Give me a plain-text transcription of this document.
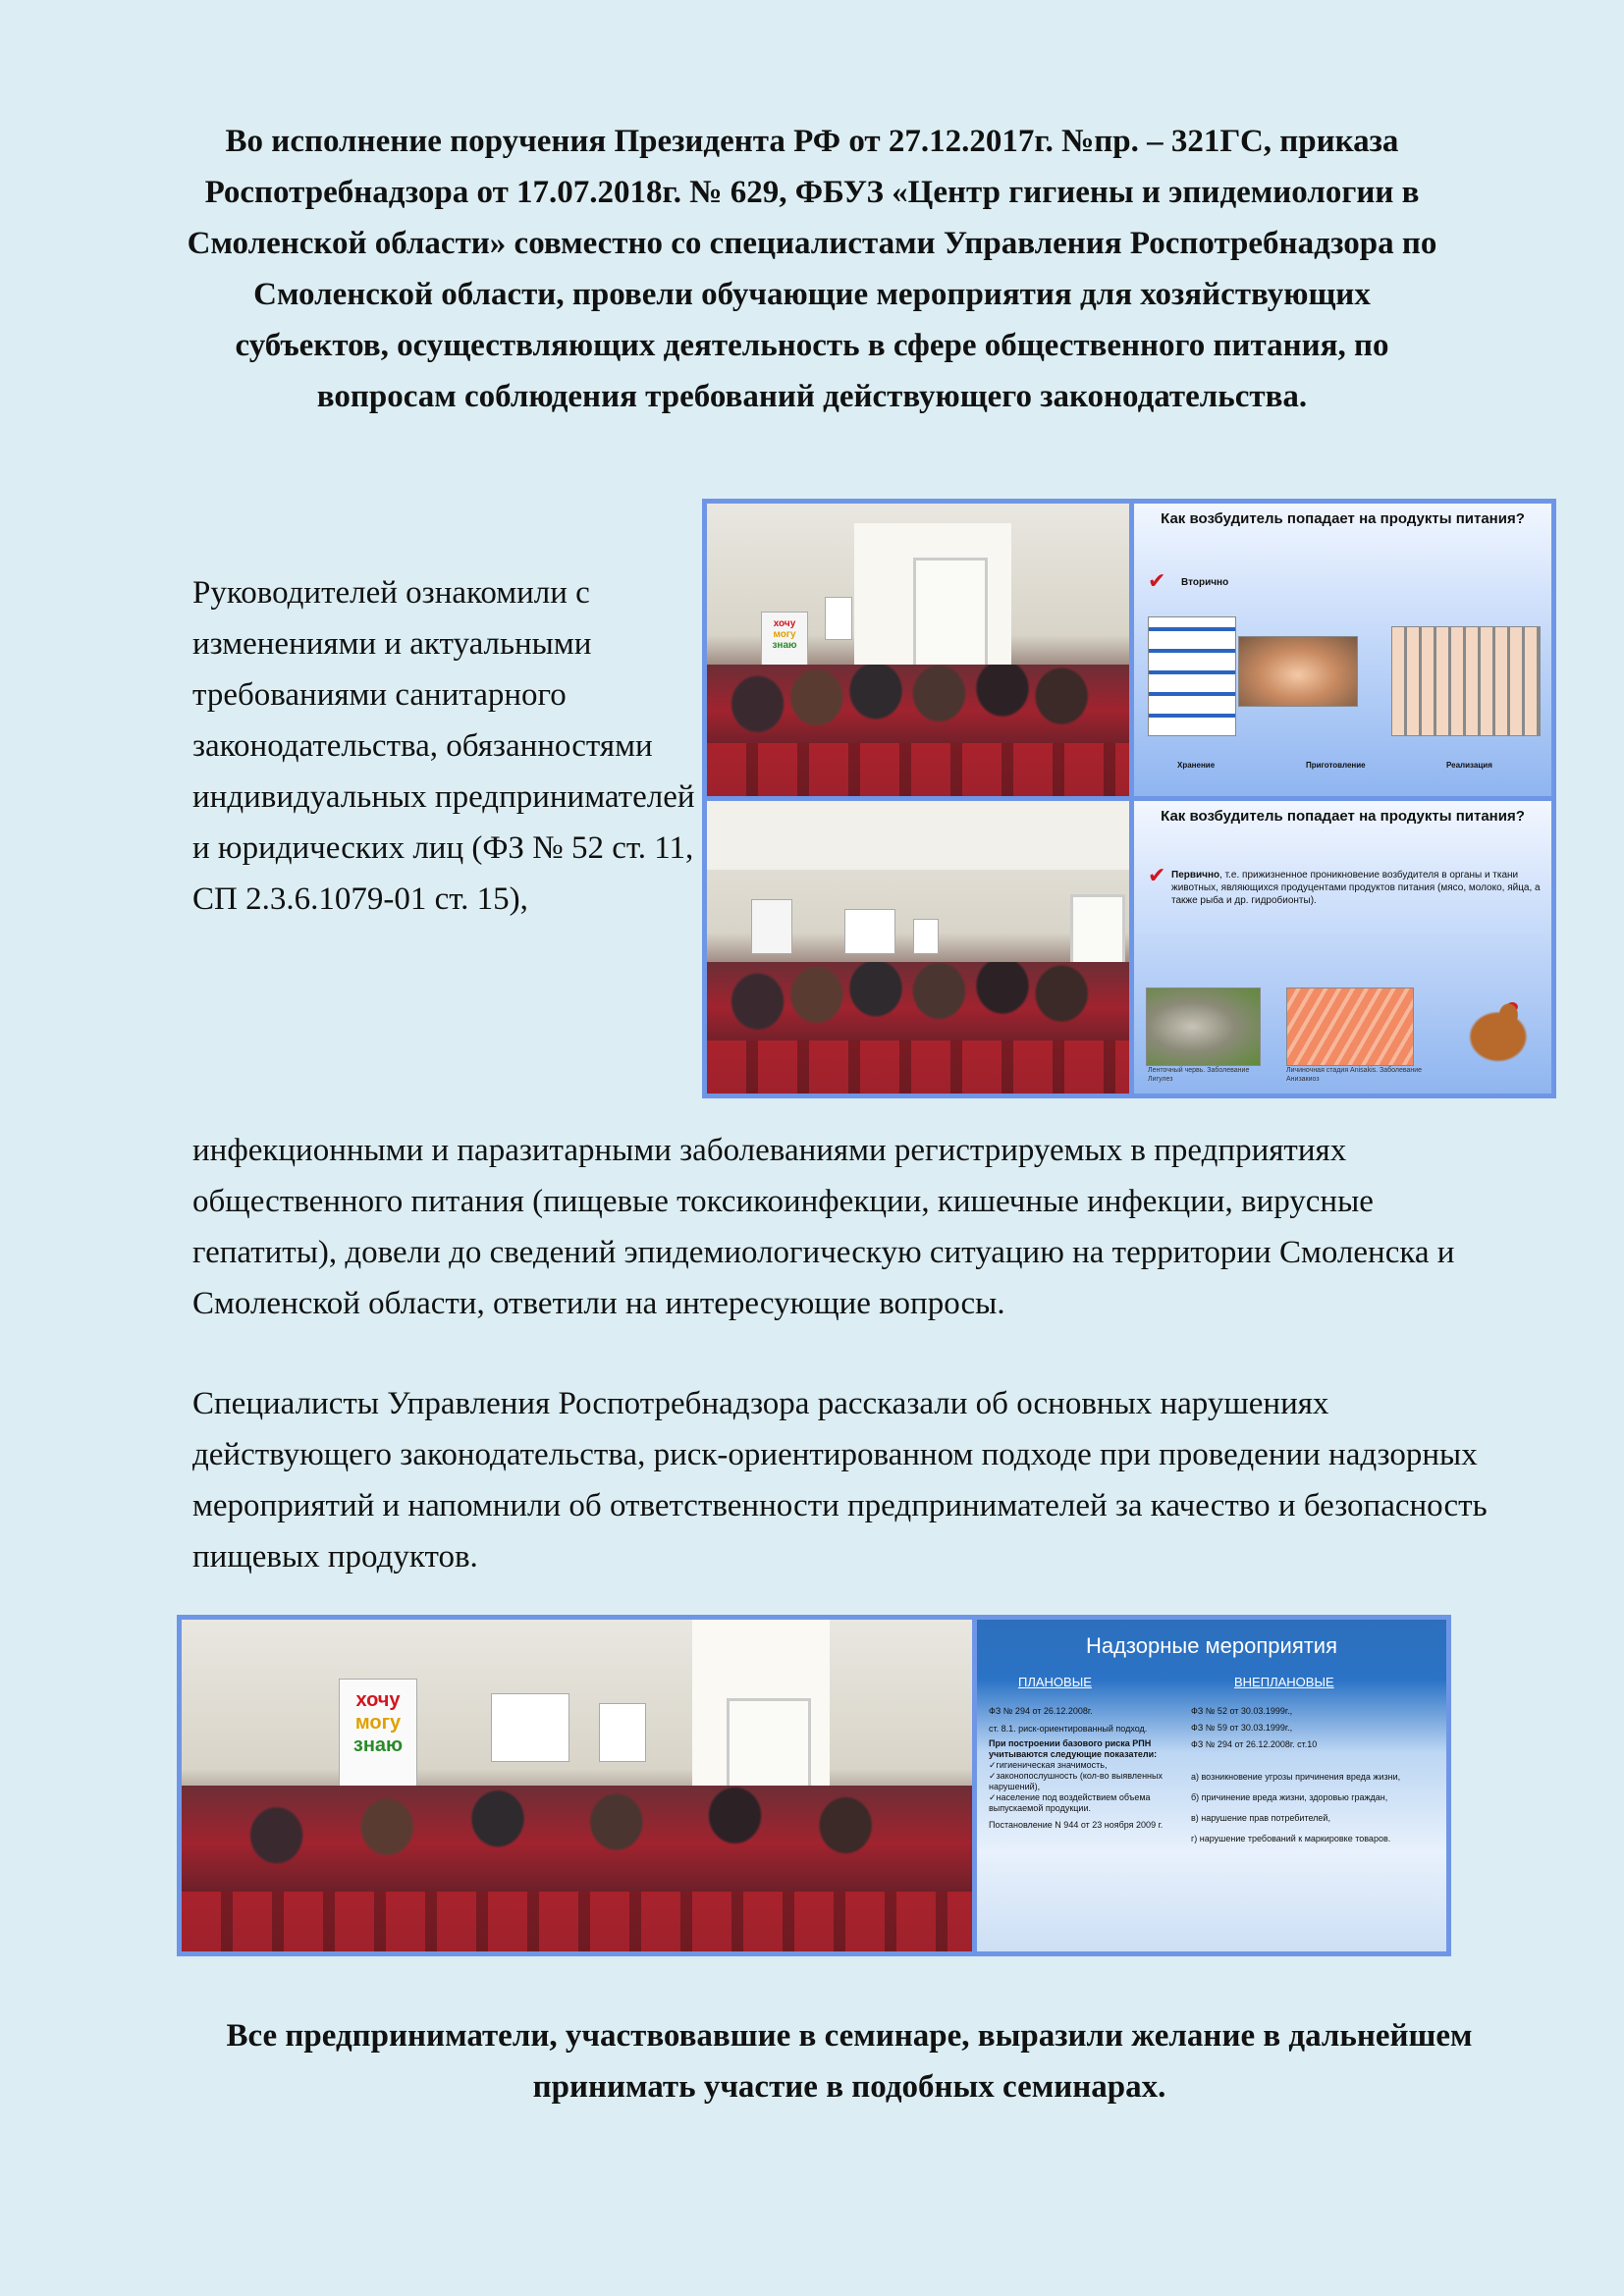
Во исполнение поручения Президента РФ от 27.12.2017г. №пр. – 321ГС, приказа Роспотребнадзора от 17.07.2018г. № 629, ФБУЗ «Центр гигиены и эпидемиологии в Смоленской области» совместно со специалистами Управления Роспотребнадзора по Смоленской области, провели обучающие мероприятия для хозяйствующих субъектов, осуществляющих деятельность в сфере общественного питания, по вопросам соблюдения требований действующего законодательства.
Руководителей ознакомили с изменениями и актуальными требованиями санитарного законодательства, обязанностями индивидуальных предпринимателей и юридических лиц (ФЗ № 52 ст. 11, СП 2.3.6.1079-01 ст. 15),
хочу
могу
знаю
Как возбудитель попадает на продукты питания?
✔ Вторично
Хранение	Приготовление	Реализация
Как возбудитель попадает на продукты питания?
✔ Первично, т.е. прижизненное проникновение возбудителя в органы и ткани животных, являющихся продуцентами продуктов питания (мясо, молоко, яйца, а также рыба и др. гидробионты).
Ленточный червь. Заболевание Лигулез
Личиночная стадия Anisakis. Заболевание Анизакиоз
инфекционными и паразитарными заболеваниями регистрируемых в предприятиях общественного питания (пищевые токсикоинфекции, кишечные инфекции, вирусные гепатиты), довели до сведений эпидемиологическую ситуацию на территории Смоленска и Смоленской области, ответили на интересующие вопросы.
Специалисты Управления Роспотребнадзора рассказали об основных нарушениях действующего законодательства, риск-ориентированном подходе при проведении надзорных мероприятий и напомнили об ответственности предпринимателей за качество и безопасность пищевых продуктов.
хочу
могу
знаю
Надзорные мероприятия
ПЛАНОВЫЕ	ВНЕПЛАНОВЫЕ
ФЗ № 294 от 26.12.2008г.
ст. 8.1. риск-ориентированный подход.
При построении базового риска РПН учитываются следующие показатели:
✓гигиеническая значимость,
✓законопослушность (кол-во выявленных нарушений),
✓население под воздействием объема выпускаемой продукции.
Постановление N 944 от 23 ноября 2009 г.
ФЗ № 52 от 30.03.1999г.,
ФЗ № 59 от 30.03.1999г.,
ФЗ № 294 от 26.12.2008г. ст.10
а) возникновение угрозы причинения вреда жизни,
б) причинение вреда жизни, здоровью граждан,
в) нарушение прав потребителей,
г) нарушение требований к маркировке товаров.
Все предприниматели, участвовавшие в семинаре, выразили желание в дальнейшем принимать участие в подобных семинарах.
